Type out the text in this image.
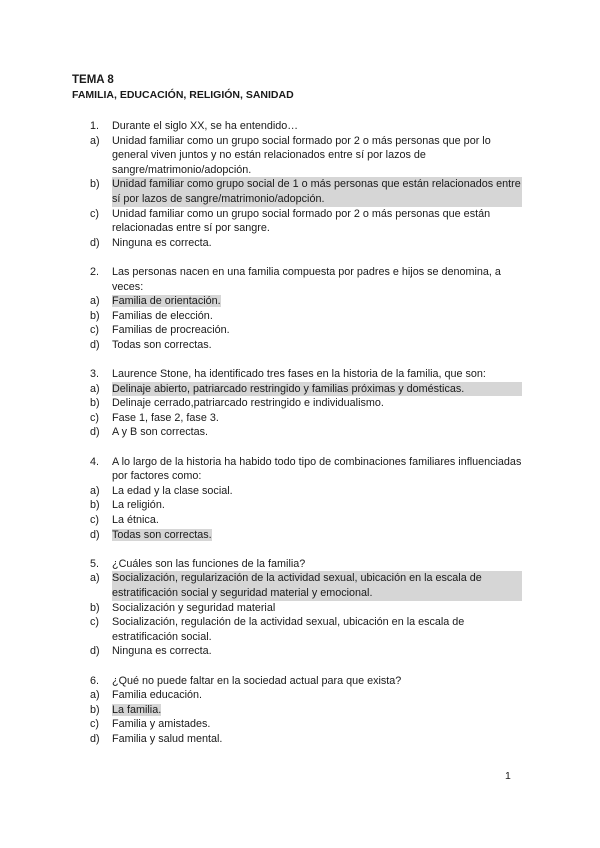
TEMA 8
FAMILIA, EDUCACIÓN, RELIGIÓN, SANIDAD
1.	Durante el siglo XX, se ha entendido…
a)	Unidad familiar como un grupo social formado por 2 o más personas que por lo general viven juntos y no están relacionados entre sí por lazos de sangre/matrimonio/adopción.
b)	Unidad familiar como grupo social de 1 o más personas que están relacionados entre sí por lazos de sangre/matrimonio/adopción.
c)	Unidad familiar como un grupo social formado por 2 o más personas que están relacionadas entre sí por sangre.
d)	Ninguna es correcta.
2.	Las personas nacen en una familia compuesta por padres e hijos se denomina, a veces:
a)	Familia de orientación.
b)	Familias de elección.
c)	Familias de procreación.
d)	Todas son correctas.
3.	Laurence Stone, ha identificado tres fases en la historia de la familia, que son:
a)	Delinaje abierto, patriarcado restringido y familias próximas y domésticas.
b)	Delinaje cerrado,patriarcado restringido e individualismo.
c)	Fase 1, fase 2, fase 3.
d)	A y B son correctas.
4.	A lo largo de la historia ha habido todo tipo de combinaciones familiares influenciadas por factores como:
a)	La edad y la clase social.
b)	La religión.
c)	La étnica.
d)	Todas son correctas.
5.	¿Cuáles son las funciones de la familia?
a)	Socialización, regularización de la actividad sexual, ubicación en la escala de estratificación social y seguridad material y emocional.
b)	Socialización y seguridad material
c)	Socialización, regulación de la actividad sexual, ubicación en la escala de estratificación social.
d)	Ninguna es correcta.
6.	¿Qué no puede faltar en la sociedad actual para que exista?
a)	Familia educación.
b)	La familia.
c)	Familia y amistades.
d)	Familia y salud mental.
1
